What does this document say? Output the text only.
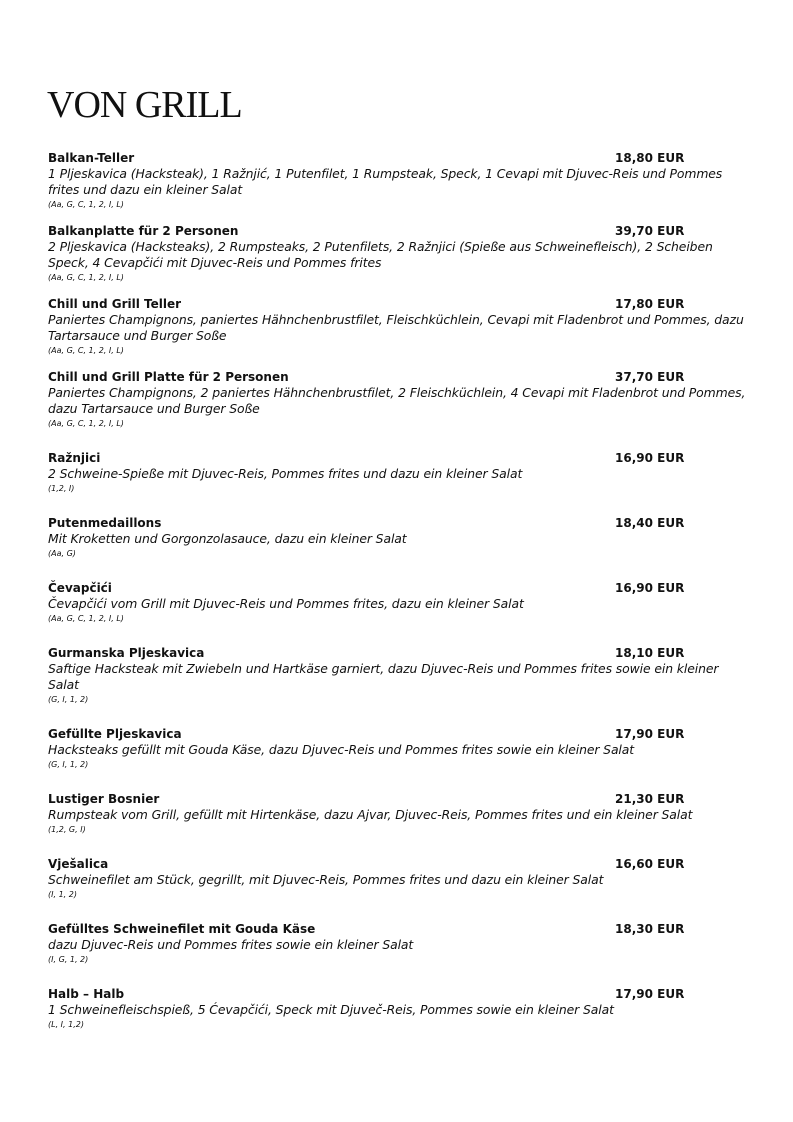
VON GRILL
Balkan-Teller	18,80 EUR
1 Pljeskavica (Hacksteak), 1 Ražnjić, 1 Putenfilet, 1 Rumpsteak, Speck, 1 Cevapi mit Djuvec-Reis und Pommes frites und dazu ein kleiner Salat
(Aa, G, C, 1, 2, I, L)
Balkanplatte für 2 Personen	39,70 EUR
2 Pljeskavica (Hacksteaks), 2 Rumpsteaks, 2 Putenfilets, 2 Ražnjici (Spieße aus Schweinefleisch), 2 Scheiben Speck, 4 Cevapčići mit Djuvec-Reis und Pommes frites
(Aa, G, C, 1, 2, I, L)
Chill und Grill Teller	17,80 EUR
Paniertes Champignons, paniertes Hähnchenbrustfilet, Fleischküchlein, Cevapi mit Fladenbrot und Pommes, dazu Tartarsauce und Burger Soße
(Aa, G, C, 1, 2, I, L)
Chill und Grill Platte für 2 Personen	37,70 EUR
Paniertes Champignons, 2 paniertes Hähnchenbrustfilet, 2 Fleischküchlein, 4 Cevapi mit Fladenbrot und Pommes, dazu Tartarsauce und Burger Soße
(Aa, G, C, 1, 2, I, L)
Ražnjici	16,90 EUR
2 Schweine-Spieße mit Djuvec-Reis, Pommes frites und dazu ein kleiner Salat
(1,2, I)
Putenmedaillons	18,40 EUR
Mit Kroketten und Gorgonzolasauce, dazu ein kleiner Salat
(Aa, G)
Čevapčići	16,90 EUR
Čevapčići vom Grill mit Djuvec-Reis und Pommes frites, dazu ein kleiner Salat
(Aa, G, C, 1, 2, I, L)
Gurmanska Pljeskavica	18,10 EUR
Saftige Hacksteak mit Zwiebeln und Hartkäse garniert, dazu Djuvec-Reis und Pommes frites sowie ein kleiner Salat
(G, I, 1, 2)
Gefüllte Pljeskavica	17,90 EUR
Hacksteaks gefüllt mit Gouda Käse, dazu Djuvec-Reis und Pommes frites sowie ein kleiner Salat
(G, I, 1, 2)
Lustiger Bosnier	21,30 EUR
Rumpsteak vom Grill, gefüllt mit Hirtenkäse, dazu Ajvar, Djuvec-Reis, Pommes frites und ein kleiner Salat
(1,2, G, I)
Vješalica	16,60 EUR
Schweinefilet am Stück, gegrillt, mit Djuvec-Reis, Pommes frites und dazu ein kleiner Salat
(I, 1, 2)
Gefülltes Schweinefilet mit Gouda Käse	18,30 EUR
dazu Djuvec-Reis und Pommes frites sowie ein kleiner Salat
(I, G, 1, 2)
Halb – Halb	17,90 EUR
1 Schweinefleischspieß, 5 Ćevapčići, Speck mit Djuveč-Reis, Pommes sowie ein kleiner Salat
(L, I, 1,2)
